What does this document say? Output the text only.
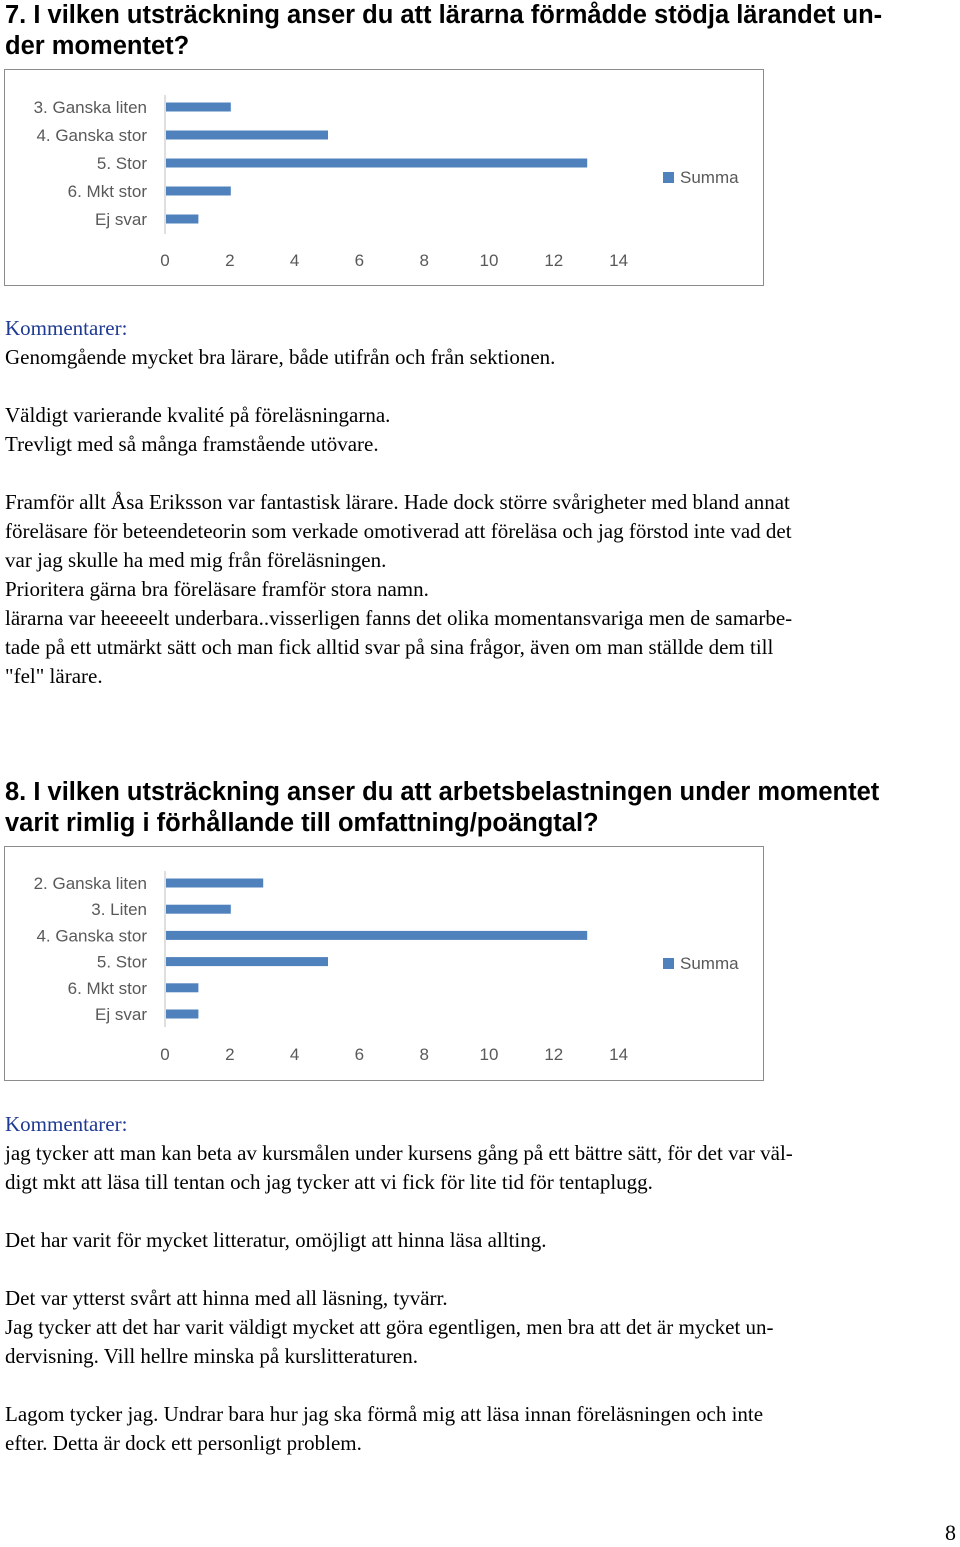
7. I vilken utsträckning anser du att lärarna förmådde stödja lärandet un-
der momentet?
3. Ganska liten
4. Ganska stor
5. Stor
6. Mkt stor
Ej svar
0	2	4	6	8	10	12	14
Summa
Kommentarer:
Genomgående mycket bra lärare, både utifrån och från sektionen.
Väldigt varierande kvalité på föreläsningarna.
Trevligt med så många framstående utövare.
Framför allt Åsa Eriksson var fantastisk lärare. Hade dock större svårigheter med bland annat
föreläsare för beteendeteorin som verkade omotiverad att föreläsa och jag förstod inte vad det
var jag skulle ha med mig från föreläsningen.
Prioritera gärna bra föreläsare framför stora namn.
lärarna var heeeeelt underbara..visserligen fanns det olika momentansvariga men de samarbe-
tade på ett utmärkt sätt och man fick alltid svar på sina frågor, även om man ställde dem till
"fel" lärare.
8. I vilken utsträckning anser du att arbetsbelastningen under momentet
varit rimlig i förhållande till omfattning/poängtal?
2. Ganska liten
3. Liten
4. Ganska stor
5. Stor
6. Mkt stor
Ej svar
0	2	4	6	8	10	12	14
Summa
Kommentarer:
jag tycker att man kan beta av kursmålen under kursens gång på ett bättre sätt, för det var väl-
digt mkt att läsa till tentan och jag tycker att vi fick för lite tid för tentaplugg.
Det har varit för mycket litteratur, omöjligt att hinna läsa allting.
Det var ytterst svårt att hinna med all läsning, tyvärr.
Jag tycker att det har varit väldigt mycket att göra egentligen, men bra att det är mycket un-
dervisning. Vill hellre minska på kurslitteraturen.
Lagom tycker jag. Undrar bara hur jag ska förmå mig att läsa innan föreläsningen och inte
efter. Detta är dock ett personligt problem.
8
